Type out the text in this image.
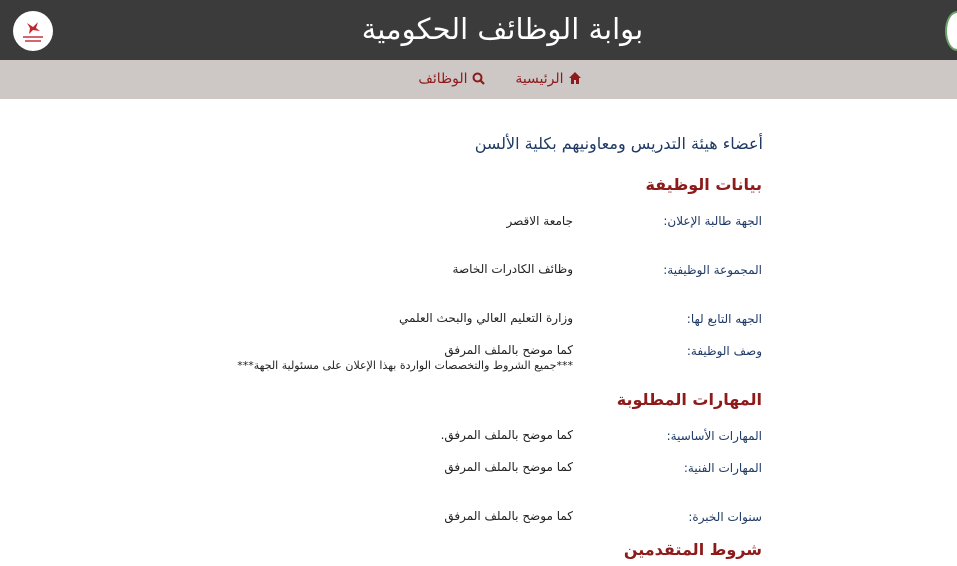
بوابة الوظائف الحكومية
الرئيسية
الوظائف
أعضاء هيئة التدريس ومعاونيهم بكلية الألسن
بيانات الوظيفة
الجهة طالبة الإعلان:
جامعة الاقصر
المجموعة الوظيفية:
وظائف الكادرات الخاصة
الجهه التابع لها:
وزارة التعليم العالي والبحث العلمي
وصف الوظيفة:
كما موضح بالملف المرفق
***جميع الشروط والتخصصات الواردة بهذا الإعلان على مسئولية الجهة***
المهارات المطلوبة
المهارات الأساسية:
كما موضح بالملف المرفق.
المهارات الفنية:
كما موضح بالملف المرفق
سنوات الخبرة:
كما موضح بالملف المرفق
شروط المتقدمين
